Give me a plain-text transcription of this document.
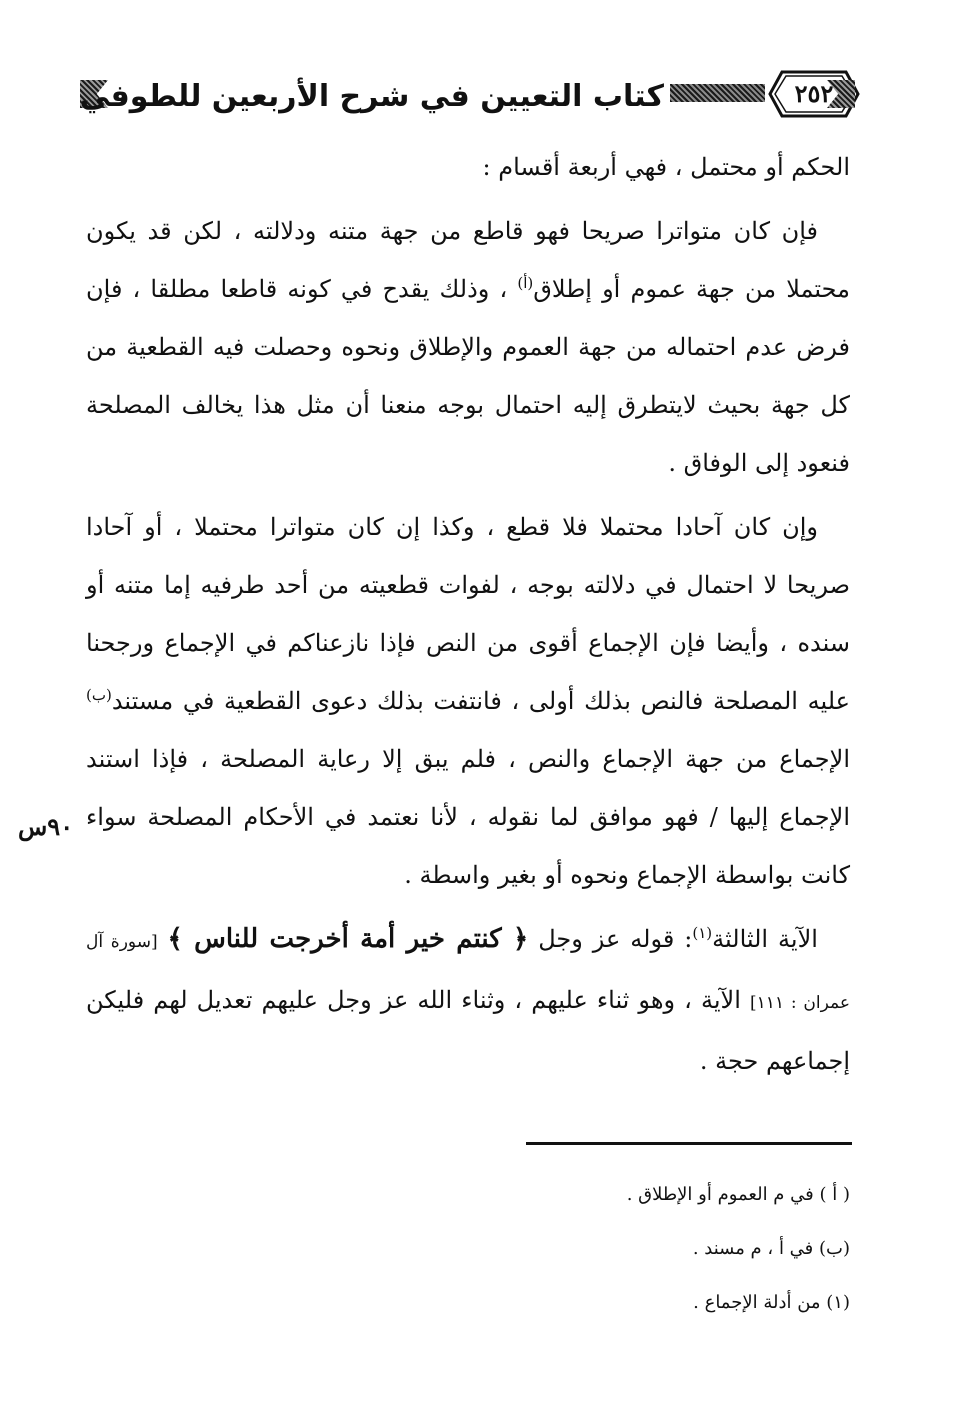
كتاب التعيين في شرح الأربعين للطوفي	٢٥٢

الحكم أو محتمل ، فهي أربعة أقسام :

فإن كان متواترا صريحا فهو قاطع من جهة متنه ودلالته ، لكن قد يكون محتملا من جهة عموم أو إطلاق$^{(أ)}$ ، وذلك يقدح في كونه قاطعا مطلقا ، فإن فرض عدم احتماله من جهة العموم والإطلاق ونحوه وحصلت فيه القطعية من كل جهة بحيث لايتطرق إليه احتمال بوجه منعنا أن مثل هذا يخالف المصلحة فنعود إلى الوفاق .

وإن كان آحادا محتملا فلا قطع ، وكذا إن كان متواترا محتملا ، أو آحادا صريحا لا احتمال في دلالته بوجه ، لفوات قطعيته من أحد طرفيه إما متنه أو سنده ، وأيضا فإن الإجماع أقوى من النص فإذا نازعناكم في الإجماع ورجحنا عليه المصلحة فالنص بذلك أولى ، فانتفت بذلك دعوى القطعية في مستند$^{(ب)}$ الإجماع من جهة الإجماع والنص ، فلم يبق إلا رعاية المصلحة ، فإذا استند الإجماع إليها / فهو موافق لما نقوله ، لأنا نعتمد في الأحكام المصلحة سواء كانت بواسطة الإجماع ونحوه أو بغير واسطة .

الآية الثالثة$^{(١)}$: قوله عز وجل ﴿ كنتم خير أمة أخرجت للناس ﴾ [سورة آل عمران : ١١١] الآية ، وهو ثناء عليهم ، وثناء الله عز وجل عليهم تعديل لهم فليكن إجماعهم حجة .

٩٠س
( أ ) في م العموم أو الإطلاق .
(ب) في أ ، م مسند .
(١) من أدلة الإجماع .
